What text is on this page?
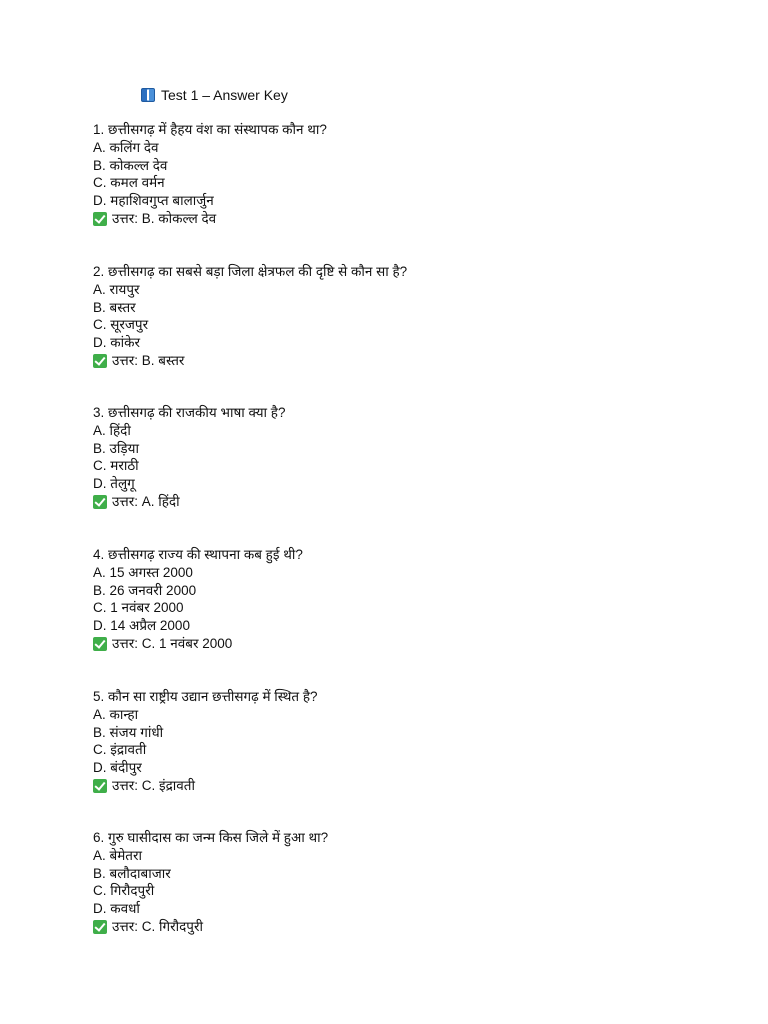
Test 1 – Answer Key
1. छत्तीसगढ़ में हैहय वंश का संस्थापक कौन था?
A. कलिंग देव
B. कोकल्ल देव
C. कमल वर्मन
D. महाशिवगुप्त बालार्जुन
उत्तर: B. कोकल्ल देव
2. छत्तीसगढ़ का सबसे बड़ा जिला क्षेत्रफल की दृष्टि से कौन सा है?
A. रायपुर
B. बस्तर
C. सूरजपुर
D. कांकेर
उत्तर: B. बस्तर
3. छत्तीसगढ़ की राजकीय भाषा क्या है?
A. हिंदी
B. उड़िया
C. मराठी
D. तेलुगू
उत्तर: A. हिंदी
4. छत्तीसगढ़ राज्य की स्थापना कब हुई थी?
A. 15 अगस्त 2000
B. 26 जनवरी 2000
C. 1 नवंबर 2000
D. 14 अप्रैल 2000
उत्तर: C. 1 नवंबर 2000
5. कौन सा राष्ट्रीय उद्यान छत्तीसगढ़ में स्थित है?
A. कान्हा
B. संजय गांधी
C. इंद्रावती
D. बंदीपुर
उत्तर: C. इंद्रावती
6. गुरु घासीदास का जन्म किस जिले में हुआ था?
A. बेमेतरा
B. बलौदाबाजार
C. गिरौदपुरी
D. कवर्धा
उत्तर: C. गिरौदपुरी
